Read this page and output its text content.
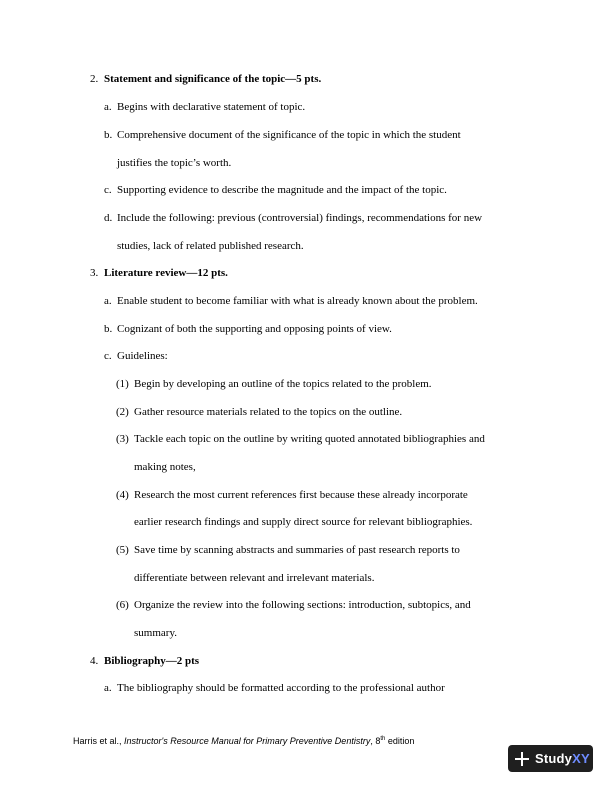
2. Statement and significance of the topic—5 pts.
a. Begins with declarative statement of topic.
b. Comprehensive document of the significance of the topic in which the student
justifies the topic’s worth.
c. Supporting evidence to describe the magnitude and the impact of the topic.
d. Include the following: previous (controversial) findings, recommendations for new
studies, lack of related published research.
3. Literature review—12 pts.
a. Enable student to become familiar with what is already known about the problem.
b. Cognizant of both the supporting and opposing points of view.
c. Guidelines:
(1) Begin by developing an outline of the topics related to the problem.
(2) Gather resource materials related to the topics on the outline.
(3) Tackle each topic on the outline by writing quoted annotated bibliographies and
making notes,
(4) Research the most current references first because these already incorporate
earlier research findings and supply direct source for relevant bibliographies.
(5) Save time by scanning abstracts and summaries of past research reports to
differentiate between relevant and irrelevant materials.
(6) Organize the review into the following sections: introduction, subtopics, and
summary.
4. Bibliography—2 pts
a. The bibliography should be formatted according to the professional author
Harris et al., Instructor's Resource Manual for Primary Preventive Dentistry, 8th edition
StudyXY
